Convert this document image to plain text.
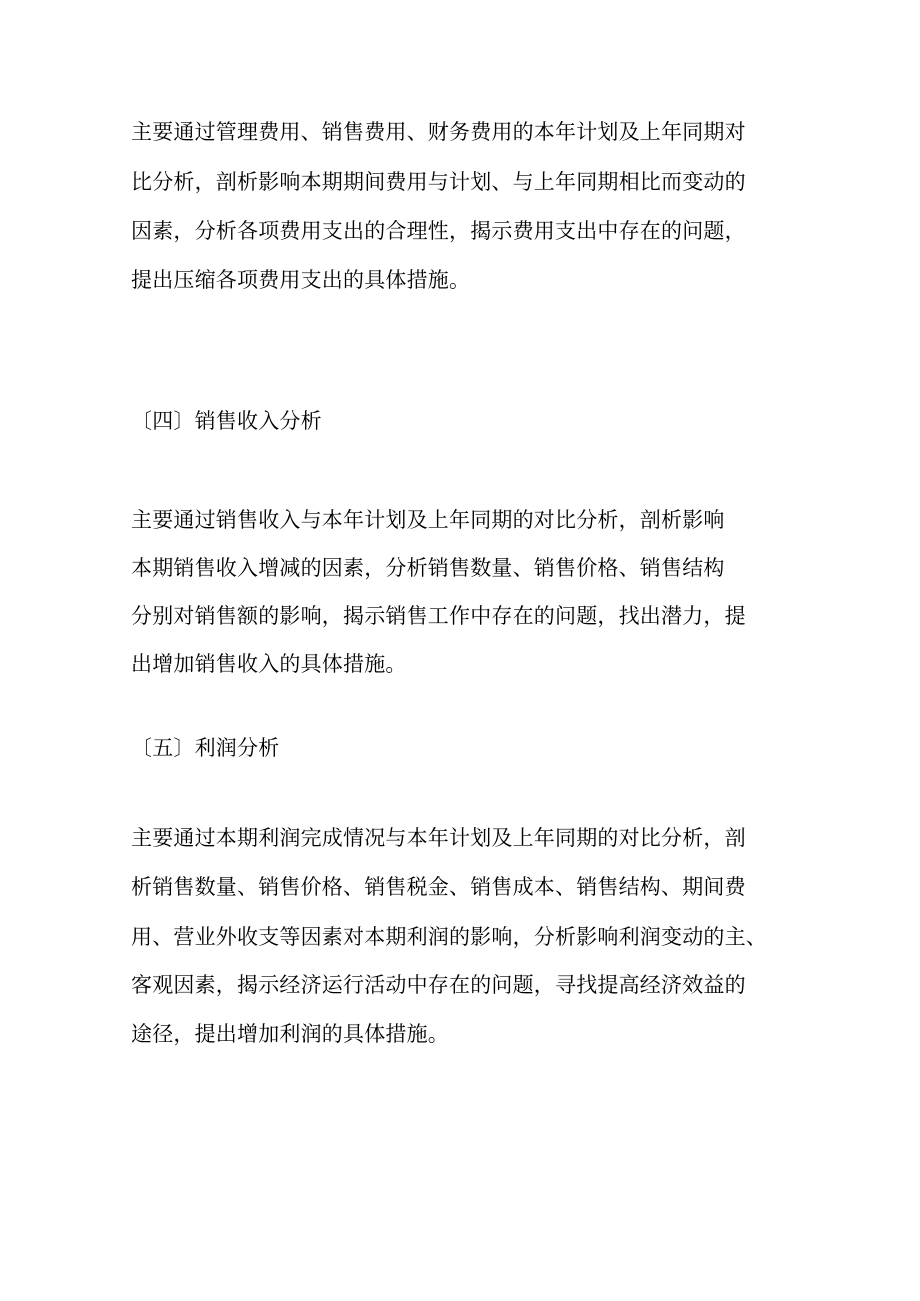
主要通过管理费用、销售费用、财务费用的本年计划及上年同期对
比分析，剖析影响本期期间费用与计划、与上年同期相比而变动的
因素，分析各项费用支出的合理性，揭示费用支出中存在的问题，
提出压缩各项费用支出的具体措施。
〔四〕销售收入分析
主要通过销售收入与本年计划及上年同期的对比分析，剖析影响
本期销售收入增减的因素，分析销售数量、销售价格、销售结构
分别对销售额的影响，揭示销售工作中存在的问题，找出潜力，提
出增加销售收入的具体措施。
〔五〕利润分析
主要通过本期利润完成情况与本年计划及上年同期的对比分析，剖
析销售数量、销售价格、销售税金、销售成本、销售结构、期间费
用、营业外收支等因素对本期利润的影响，分析影响利润变动的主、
客观因素，揭示经济运行活动中存在的问题，寻找提高经济效益的
途径，提出增加利润的具体措施。
